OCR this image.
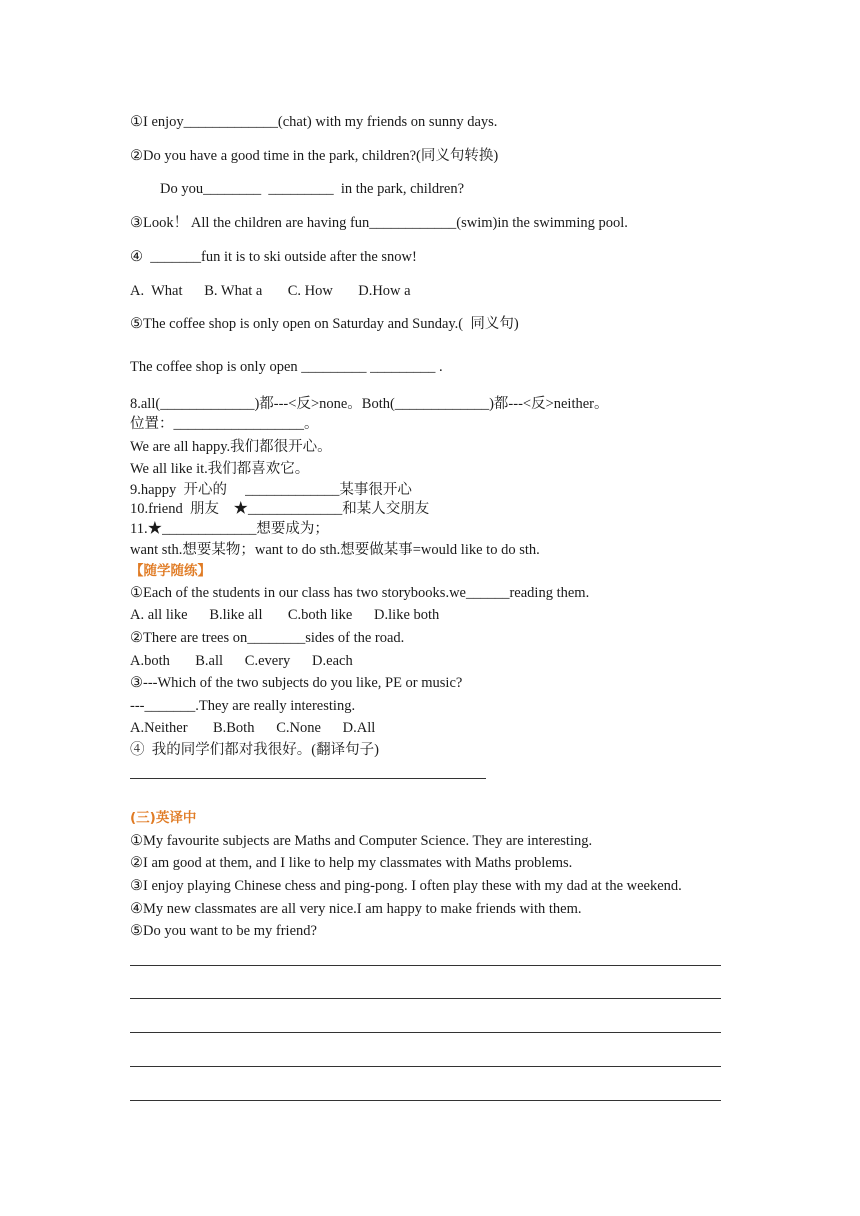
①I enjoy_____________(chat) with my friends on sunny days.
②Do you have a good time in the park, children?(同义句转换)
Do you________  _________  in the park, children?
③Look！ All the children are having fun____________(swim)in the swimming pool.
④  _______fun it is to ski outside after the snow!
A.  What      B. What a       C. How       D.How a
⑤The coffee shop is only open on Saturday and Sunday.(  同义句)
The coffee shop is only open _________ _________ .
8.all(_____________)都---<反>none。Both(_____________)都---<反>neither。
位置：__________________。
We are all happy.我们都很开心。
We all like it.我们都喜欢它。
9.happy  开心的     _____________某事很开心
10.friend  朋友    ★_____________和某人交朋友
11.★_____________想要成为；
want sth.想要某物；want to do sth.想要做某事=would like to do sth.
【随学随练】
①Each of the students in our class has two storybooks.we______reading them.
A. all like      B.like all       C.both like      D.like both
②There are trees on________sides of the road.
A.both       B.all      C.every      D.each
③---Which of the two subjects do you like, PE or music?
---_______.They are really interesting.
A.Neither       B.Both      C.None      D.All
④  我的同学们都对我很好。(翻译句子)
(三)英译中
①My favourite subjects are Maths and Computer Science. They are interesting.
②I am good at them, and I like to help my classmates with Maths problems.
③I enjoy playing Chinese chess and ping-pong. I often play these with my dad at the weekend.
④My new classmates are all very nice.I am happy to make friends with them.
⑤Do you want to be my friend?
